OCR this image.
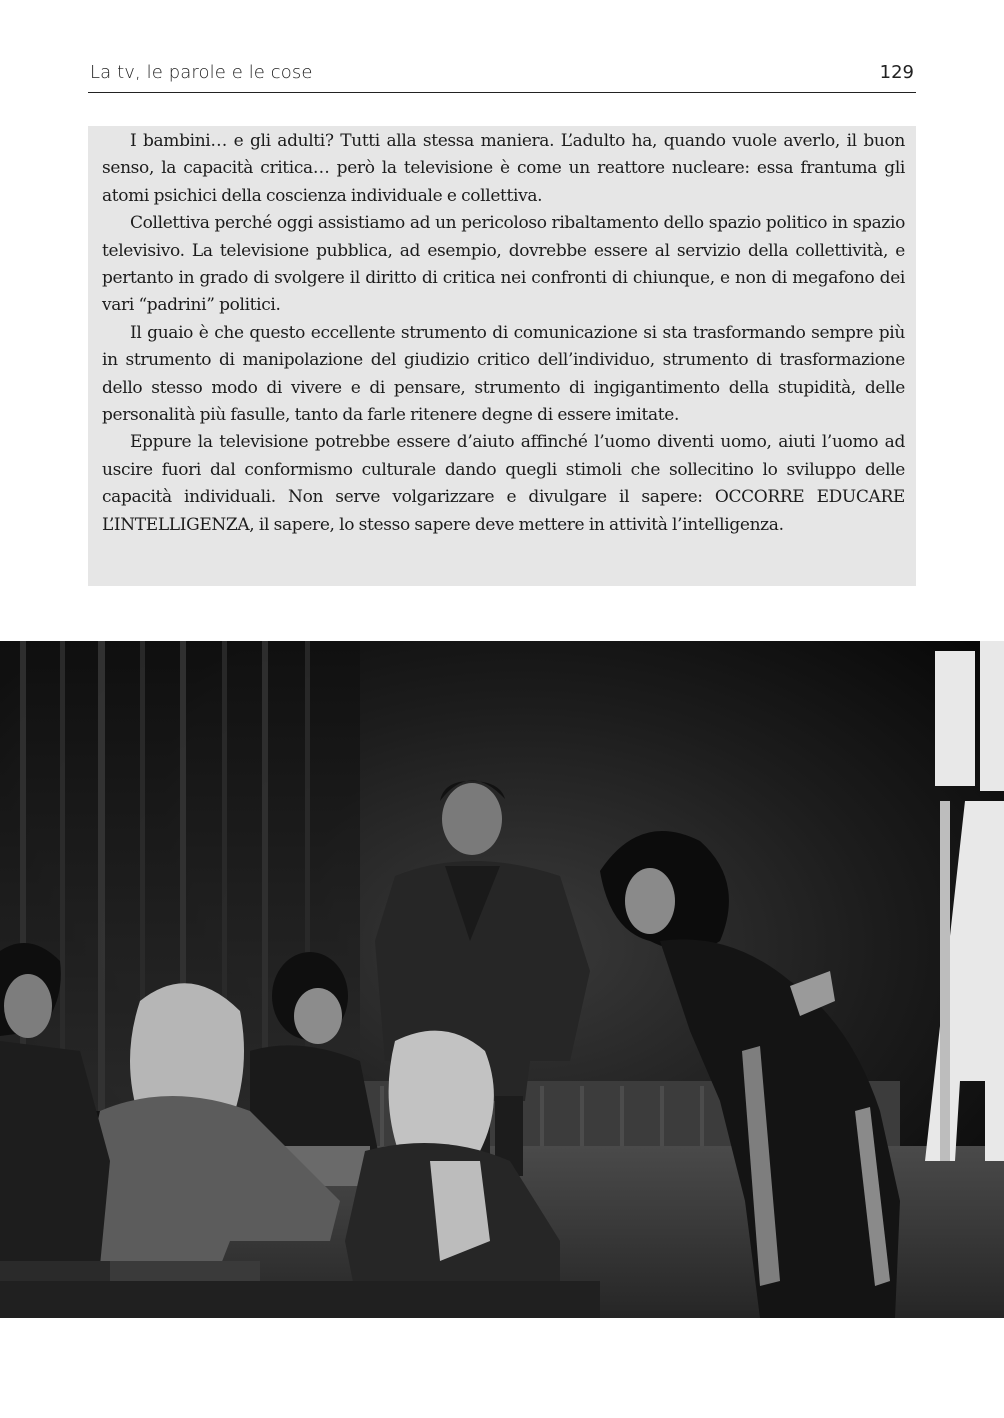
La tv, le parole e le cose	129

I bambini… e gli adulti? Tutti alla stessa maniera. L’adulto ha, quando vuole averlo, il buon senso, la capacità critica… però la televisione è come un reattore nucleare: essa frantuma gli atomi psichici della coscienza individuale e collettiva.

Collettiva perché oggi assistiamo ad un pericoloso ribaltamento dello spazio politico in spazio televisivo. La televisione pubblica, ad esempio, dovrebbe essere al servizio della collettività, e pertanto in grado di svolgere il diritto di critica nei confronti di chiunque, e non di megafono dei vari “padrini” politici.

Il guaio è che questo eccellente strumento di comunicazione si sta trasformando sempre più in strumento di manipolazione del giudizio critico dell’individuo, strumento di trasformazione dello stesso modo di vivere e di pensare, strumento di ingigantimento della stupidità, delle personalità più fasulle, tanto da farle ritenere degne di essere imitate.

Eppure la televisione potrebbe essere d’aiuto affinché l’uomo diventi uomo, aiuti l’uomo ad uscire fuori dal conformismo culturale dando quegli stimoli che sollecitino lo sviluppo delle capacità individuali. Non serve volgarizzare e divulgare il sapere: OCCORRE EDUCARE L’INTELLIGENZA, il sapere, lo stesso sapere deve mettere in attività l’intelligenza.
